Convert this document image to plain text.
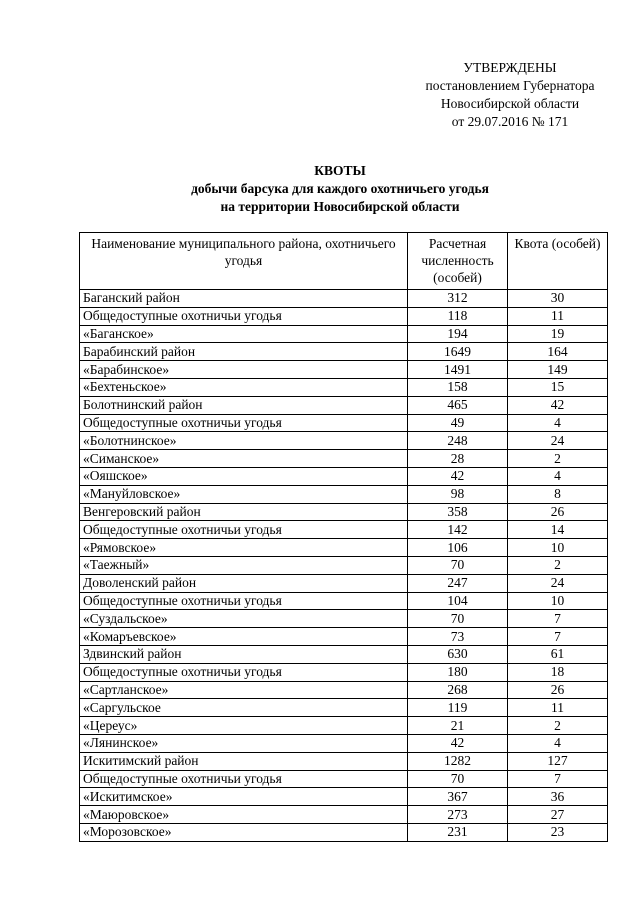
УТВЕРЖДЕНЫ
постановлением Губернатора
Новосибирской области
от 29.07.2016 № 171
КВОТЫ
добычи барсука для каждого охотничьего угодья
на территории Новосибирской области
Наименование муниципального района, охотничьего угодья	Расчетная численность (особей)	Квота (особей)
Баганский район	312	30
Общедоступные охотничьи угодья	118	11
«Баганское»	194	19
Барабинский район	1649	164
«Барабинское»	1491	149
«Бехтеньское»	158	15
Болотнинский район	465	42
Общедоступные охотничьи угодья	49	4
«Болотнинское»	248	24
«Симанское»	28	2
«Ояшское»	42	4
«Мануйловское»	98	8
Венгеровский район	358	26
Общедоступные охотничьи угодья	142	14
«Рямовское»	106	10
«Таежный»	70	2
Доволенский район	247	24
Общедоступные охотничьи угодья	104	10
«Суздальское»	70	7
«Комаръевское»	73	7
Здвинский район	630	61
Общедоступные охотничьи угодья	180	18
«Сартланское»	268	26
«Саргульское	119	11
«Цереус»	21	2
«Лянинское»	42	4
Искитимский район	1282	127
Общедоступные охотничьи угодья	70	7
«Искитимское»	367	36
«Маюровское»	273	27
«Морозовское»	231	23
